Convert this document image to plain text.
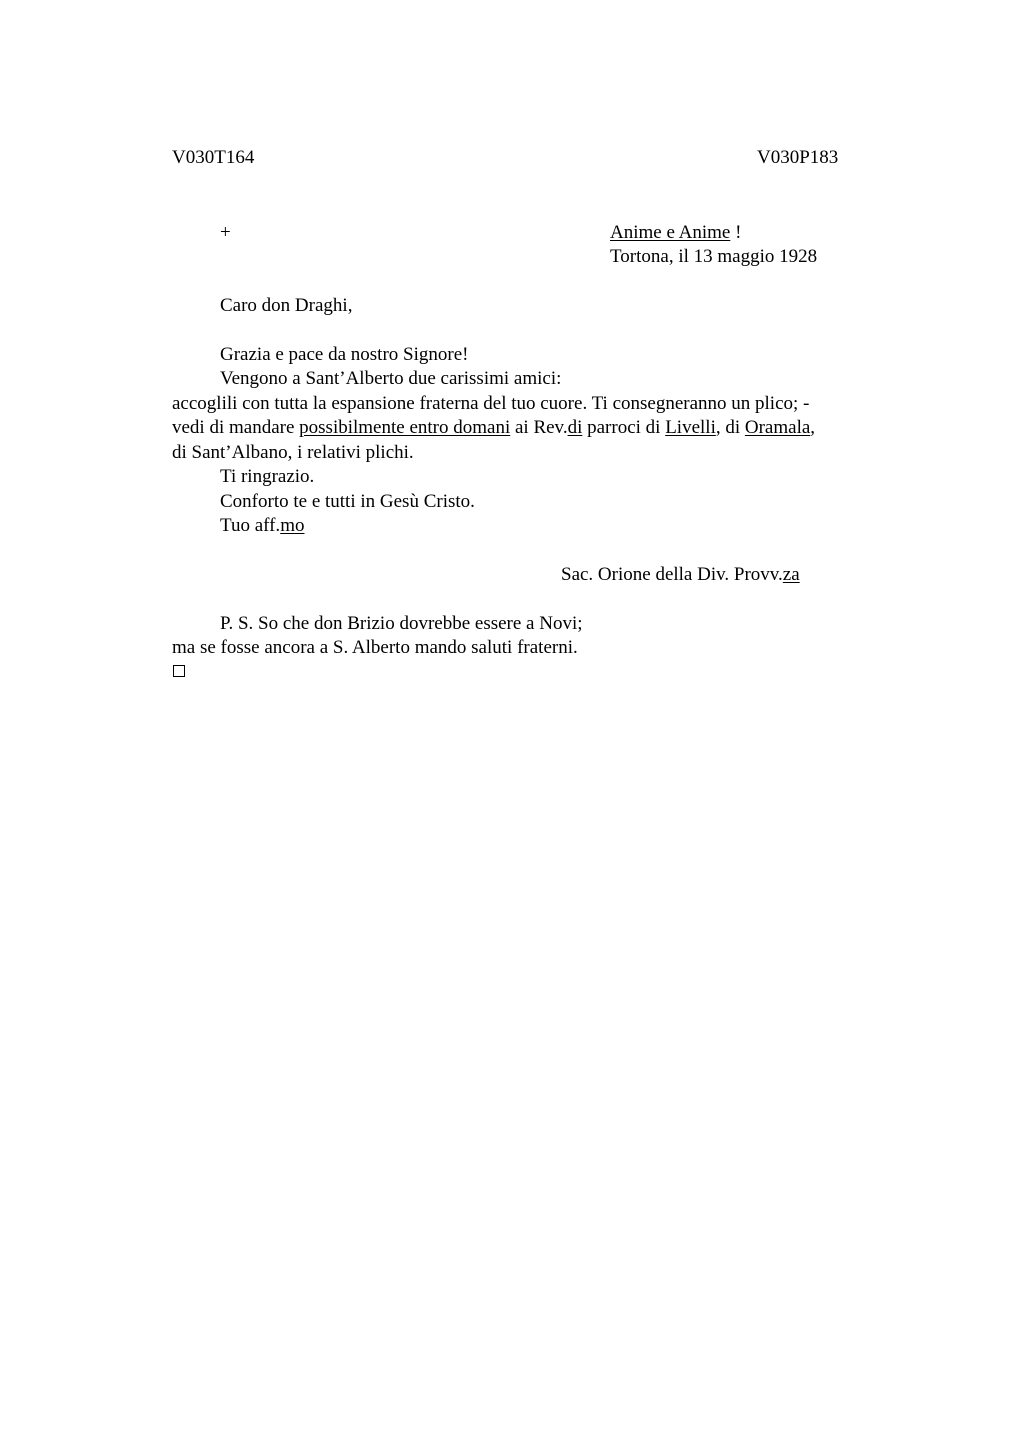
V030T164	V030P183

+	Anime e Anime !

Tortona, il 13 maggio 1928

Caro don Draghi,

Grazia e pace da nostro Signore!

Vengono a Sant’Alberto due carissimi amici:

accoglili con tutta la espansione fraterna del tuo cuore. Ti consegneranno un plico; -

vedi di mandare possibilmente entro domani ai Rev.di parroci di Livelli, di Oramala,

di Sant’Albano, i relativi plichi.

Ti ringrazio.

Conforto te e tutti in Gesù Cristo.

Tuo aff.mo

Sac. Orione della Div. Provv.za

P. S. So che don Brizio dovrebbe essere a Novi;

ma se fosse ancora a S. Alberto mando saluti fraterni.
